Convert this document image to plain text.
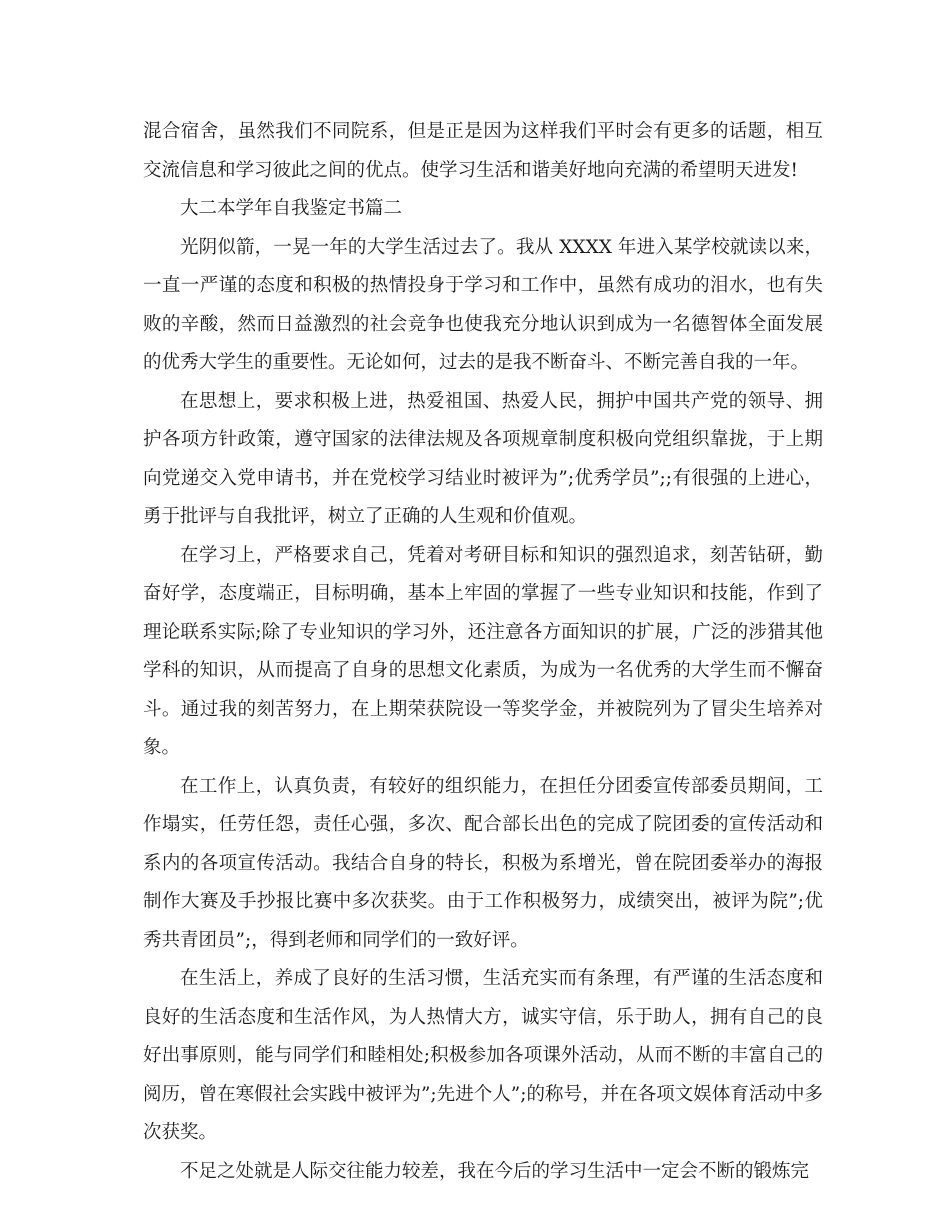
混合宿舍，虽然我们不同院系，但是正是因为这样我们平时会有更多的话题，相互交流信息和学习彼此之间的优点。使学习生活和谐美好地向充满的希望明天进发!

大二本学年自我鉴定书篇二

光阴似箭，一晃一年的大学生活过去了。我从 XXXX 年进入某学校就读以来，一直一严谨的态度和积极的热情投身于学习和工作中，虽然有成功的泪水，也有失败的辛酸，然而日益激烈的社会竞争也使我充分地认识到成为一名德智体全面发展的优秀大学生的重要性。无论如何，过去的是我不断奋斗、不断完善自我的一年。

在思想上，要求积极上进，热爱祖国、热爱人民，拥护中国共产党的领导、拥护各项方针政策，遵守国家的法律法规及各项规章制度积极向党组织靠拢，于上期向党递交入党申请书，并在党校学习结业时被评为”;优秀学员”;;有很强的上进心，勇于批评与自我批评，树立了正确的人生观和价值观。

在学习上，严格要求自己，凭着对考研目标和知识的强烈追求，刻苦钻研，勤奋好学，态度端正，目标明确，基本上牢固的掌握了一些专业知识和技能，作到了理论联系实际;除了专业知识的学习外，还注意各方面知识的扩展，广泛的涉猎其他学科的知识，从而提高了自身的思想文化素质，为成为一名优秀的大学生而不懈奋斗。通过我的刻苦努力，在上期荣获院设一等奖学金，并被院列为了冒尖生培养对象。

在工作上，认真负责，有较好的组织能力，在担任分团委宣传部委员期间，工作塌实，任劳任怨，责任心强，多次、配合部长出色的完成了院团委的宣传活动和系内的各项宣传活动。我结合自身的特长，积极为系增光，曾在院团委举办的海报制作大赛及手抄报比赛中多次获奖。由于工作积极努力，成绩突出，被评为院”;优秀共青团员”;，得到老师和同学们的一致好评。

在生活上，养成了良好的生活习惯，生活充实而有条理，有严谨的生活态度和良好的生活态度和生活作风，为人热情大方，诚实守信，乐于助人，拥有自己的良好出事原则，能与同学们和睦相处;积极参加各项课外活动，从而不断的丰富自己的阅历，曾在寒假社会实践中被评为”;先进个人”;的称号，并在各项文娱体育活动中多次获奖。

不足之处就是人际交往能力较差，我在今后的学习生活中一定会不断的锻炼完
